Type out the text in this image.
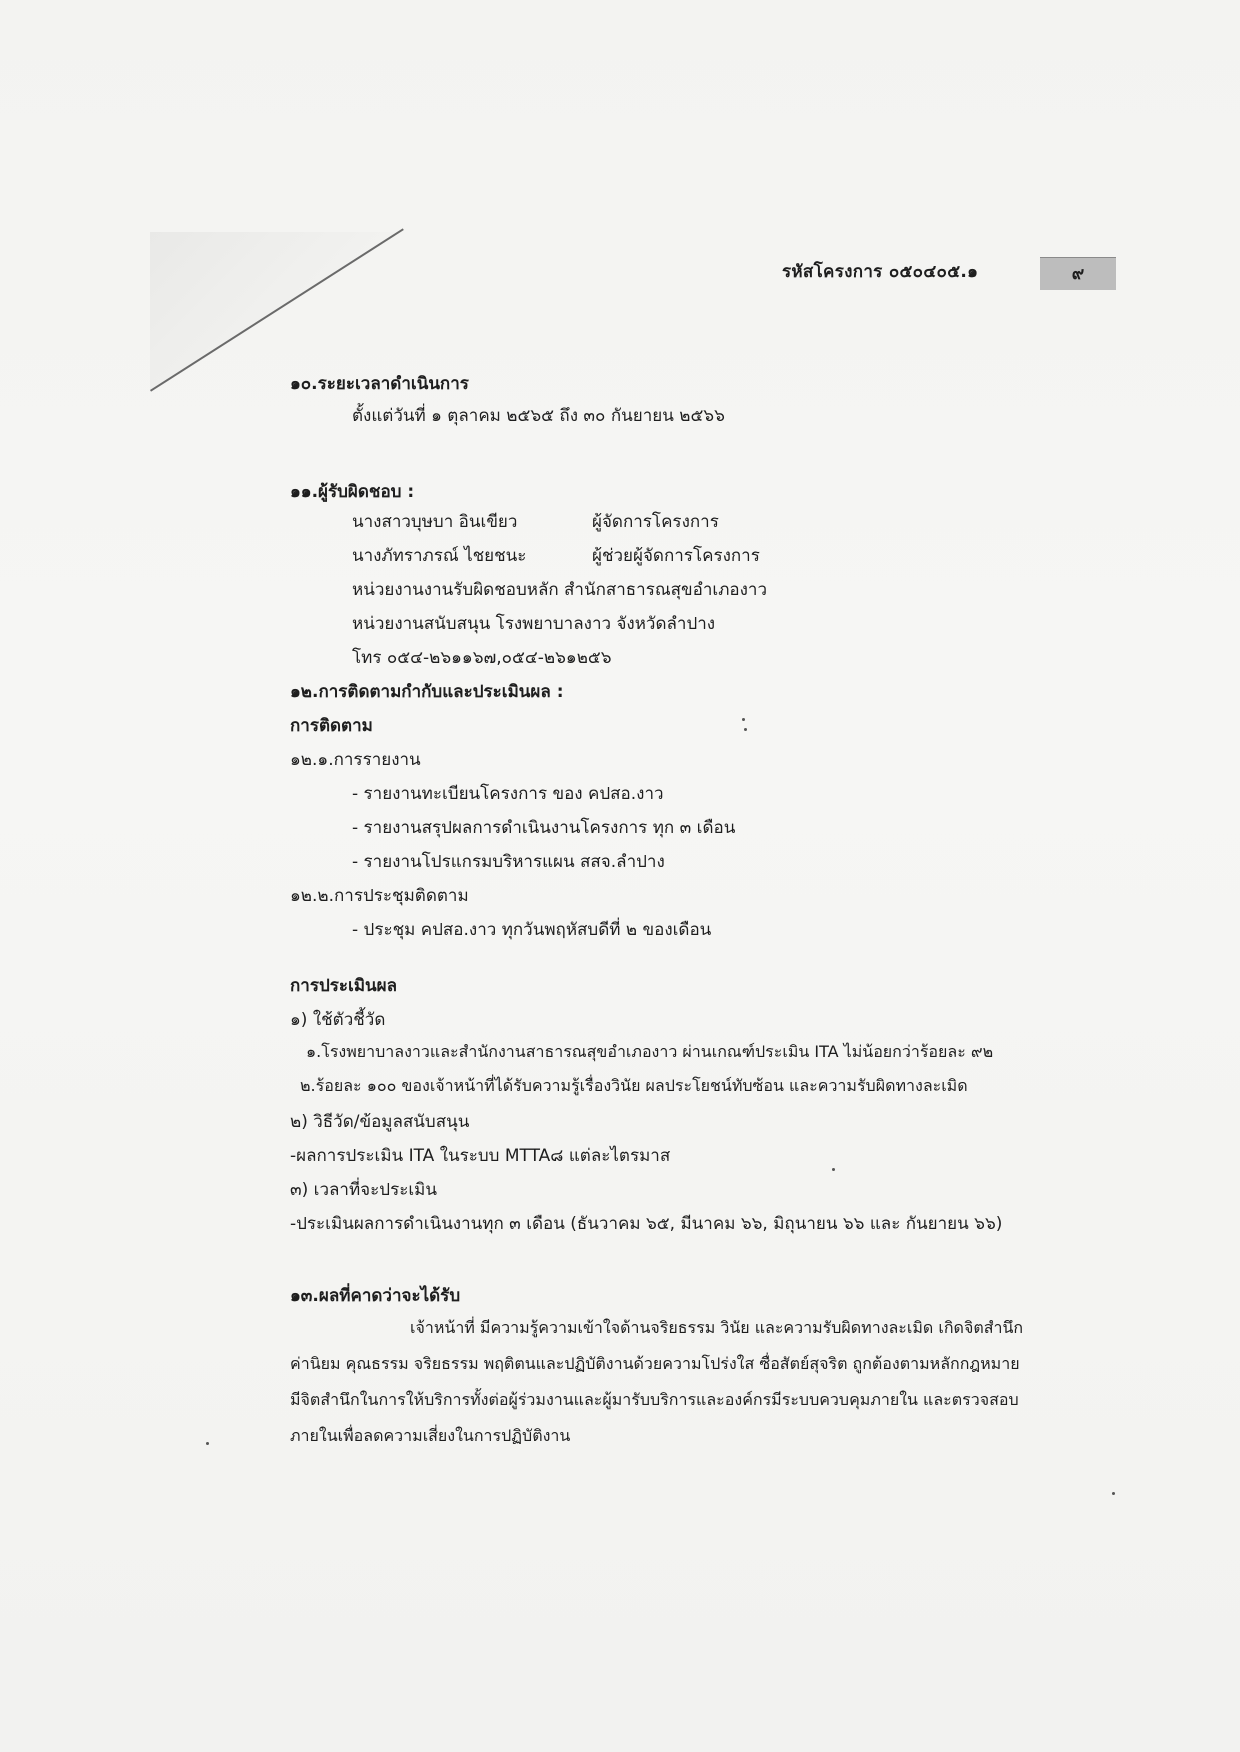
รหัสโครงการ ๐๕๐๔๐๕.๑	๙
๑๐.ระยะเวลาดำเนินการ
ตั้งแต่วันที่ ๑ ตุลาคม ๒๕๖๕ ถึง ๓๐ กันยายน ๒๕๖๖
๑๑.ผู้รับผิดชอบ :
นางสาวบุษบา อินเขียว	ผู้จัดการโครงการ
นางภัทราภรณ์ ไชยชนะ	ผู้ช่วยผู้จัดการโครงการ
หน่วยงานงานรับผิดชอบหลัก สำนักสาธารณสุขอำเภองาว
หน่วยงานสนับสนุน โรงพยาบาลงาว จังหวัดลำปาง
โทร ๐๕๔-๒๖๑๑๖๗,๐๕๔-๒๖๑๒๕๖
๑๒.การติดตามกำกับและประเมินผล :
การติดตาม
๑๒.๑.การรายงาน
- รายงานทะเบียนโครงการ ของ คปสอ.งาว
- รายงานสรุปผลการดำเนินงานโครงการ ทุก ๓ เดือน
- รายงานโปรแกรมบริหารแผน สสจ.ลำปาง
๑๒.๒.การประชุมติดตาม
- ประชุม คปสอ.งาว ทุกวันพฤหัสบดีที่ ๒ ของเดือน
การประเมินผล
๑) ใช้ตัวชี้วัด
๑.โรงพยาบาลงาวและสำนักงานสาธารณสุขอำเภองาว ผ่านเกณฑ์ประเมิน ITA ไม่น้อยกว่าร้อยละ ๙๒
๒.ร้อยละ ๑๐๐ ของเจ้าหน้าที่ได้รับความรู้เรื่องวินัย ผลประโยชน์ทับซ้อน และความรับผิดทางละเมิด
๒) วิธีวัด/ข้อมูลสนับสนุน
-ผลการประเมิน ITA ในระบบ MTTA๘ แต่ละไตรมาส
๓) เวลาที่จะประเมิน
-ประเมินผลการดำเนินงานทุก ๓ เดือน (ธันวาคม ๖๕, มีนาคม ๖๖, มิถุนายน ๖๖ และ กันยายน ๖๖)
๑๓.ผลที่คาดว่าจะได้รับ
เจ้าหน้าที่ มีความรู้ความเข้าใจด้านจริยธรรม วินัย และความรับผิดทางละเมิด เกิดจิตสำนึก
ค่านิยม คุณธรรม จริยธรรม พฤติตนและปฏิบัติงานด้วยความโปร่งใส ซื่อสัตย์สุจริต ถูกต้องตามหลักกฎหมาย
มีจิตสำนึกในการให้บริการทั้งต่อผู้ร่วมงานและผู้มารับบริการและองค์กรมีระบบควบคุมภายใน และตรวจสอบ
ภายในเพื่อลดความเสี่ยงในการปฏิบัติงาน
